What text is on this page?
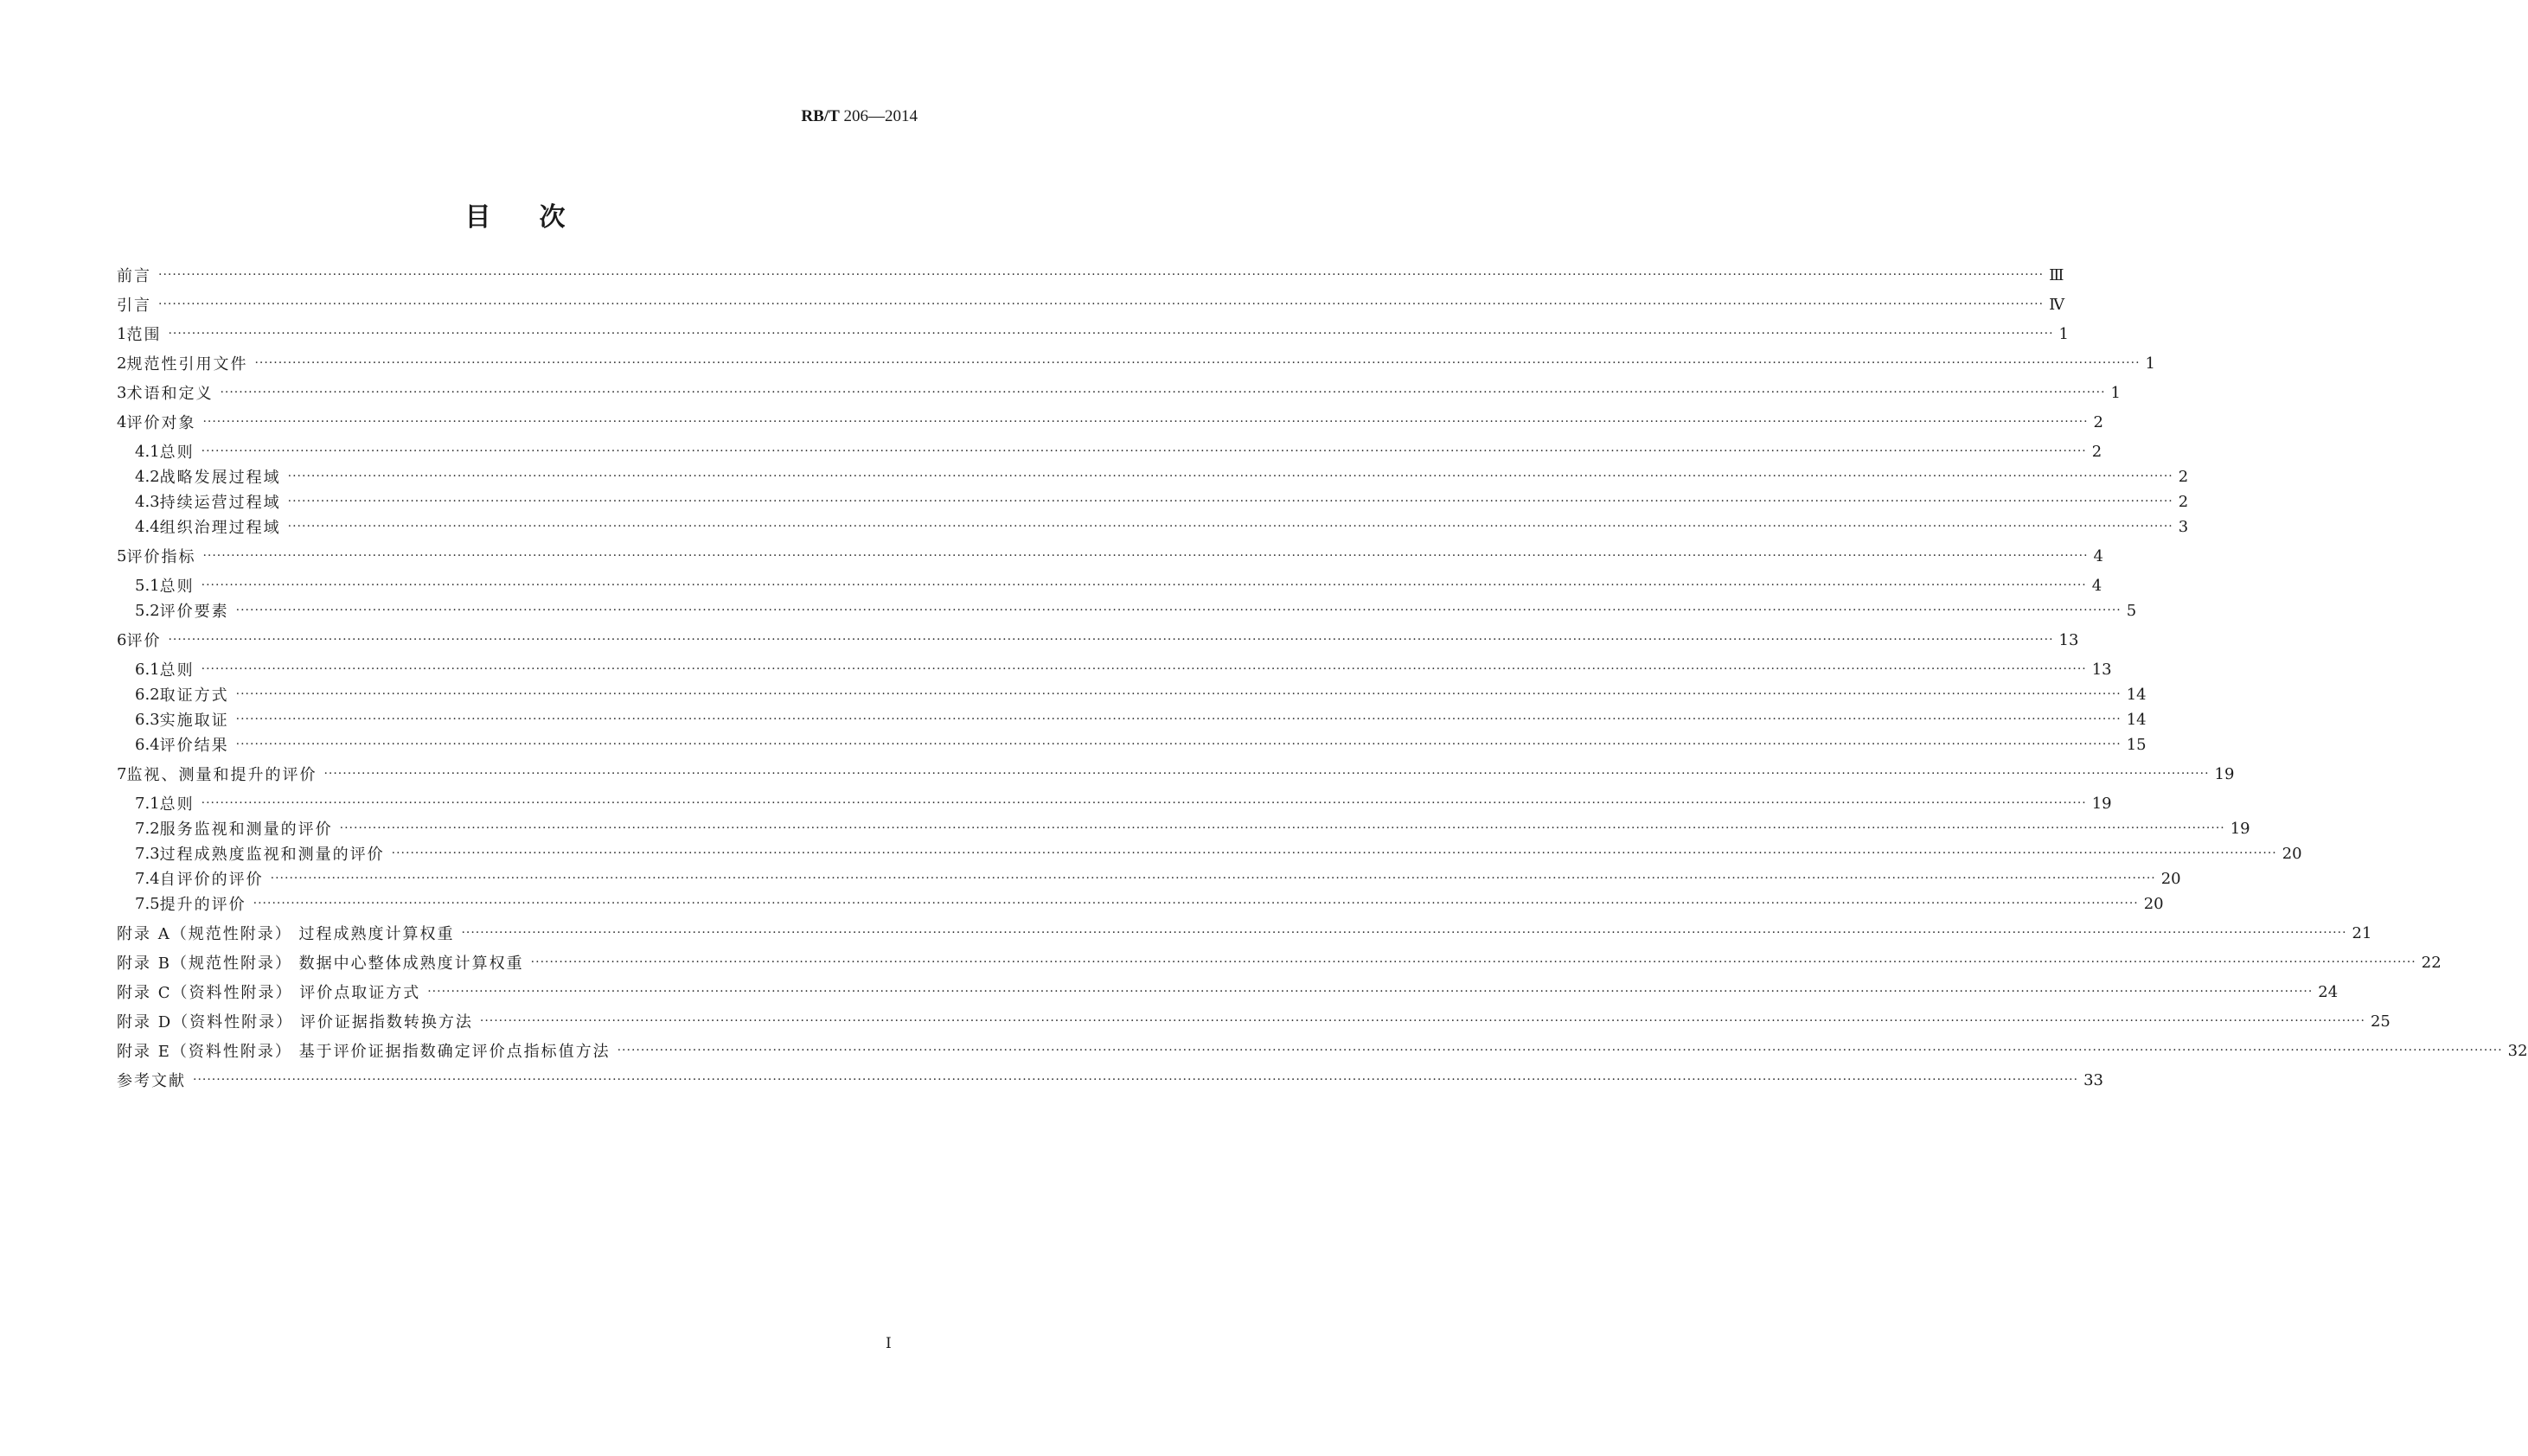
RB/T 206—2014
目次
前言 ················································································································································································································································································································································································································ Ⅲ
引言 ················································································································································································································································································································································································································ Ⅳ
1 范围 ················································································································································································································································································································································································································ 1
2 规范性引用文件 ················································································································································································································································································································································································································ 1
3 术语和定义 ················································································································································································································································································································································································································ 1
4 评价对象 ················································································································································································································································································································································································································ 2
4.1 总则 ················································································································································································································································································································································································································ 2
4.2 战略发展过程域 ················································································································································································································································································································································································································ 2
4.3 持续运营过程域 ················································································································································································································································································································································································································ 2
4.4 组织治理过程域 ················································································································································································································································································································································································································ 3
5 评价指标 ················································································································································································································································································································································································································ 4
5.1 总则 ················································································································································································································································································································································································································ 4
5.2 评价要素 ················································································································································································································································································································································································································ 5
6 评价 ················································································································································································································································································································································································································ 13
6.1 总则 ················································································································································································································································································································································································································ 13
6.2 取证方式 ················································································································································································································································································································································································································ 14
6.3 实施取证 ················································································································································································································································································································································································································ 14
6.4 评价结果 ················································································································································································································································································································································································································ 15
7 监视、测量和提升的评价 ················································································································································································································································································································································································································ 19
7.1 总则 ················································································································································································································································································································································································································ 19
7.2 服务监视和测量的评价 ················································································································································································································································································································································································································ 19
7.3 过程成熟度监视和测量的评价 ················································································································································································································································································································································································································ 20
7.4 自评价的评价 ················································································································································································································································································································································································································ 20
7.5 提升的评价 ················································································································································································································································································································································································································ 20
附录 A（规范性附录） 过程成熟度计算权重 ················································································································································································································································································································································································································ 21
附录 B（规范性附录） 数据中心整体成熟度计算权重 ················································································································································································································································································································································································································ 22
附录 C（资料性附录） 评价点取证方式 ················································································································································································································································································································································································································ 24
附录 D（资料性附录） 评价证据指数转换方法 ················································································································································································································································································································································································································ 25
附录 E（资料性附录） 基于评价证据指数确定评价点指标值方法 ················································································································································································································································································································································································································ 32
参考文献 ················································································································································································································································································································································································································ 33
I
